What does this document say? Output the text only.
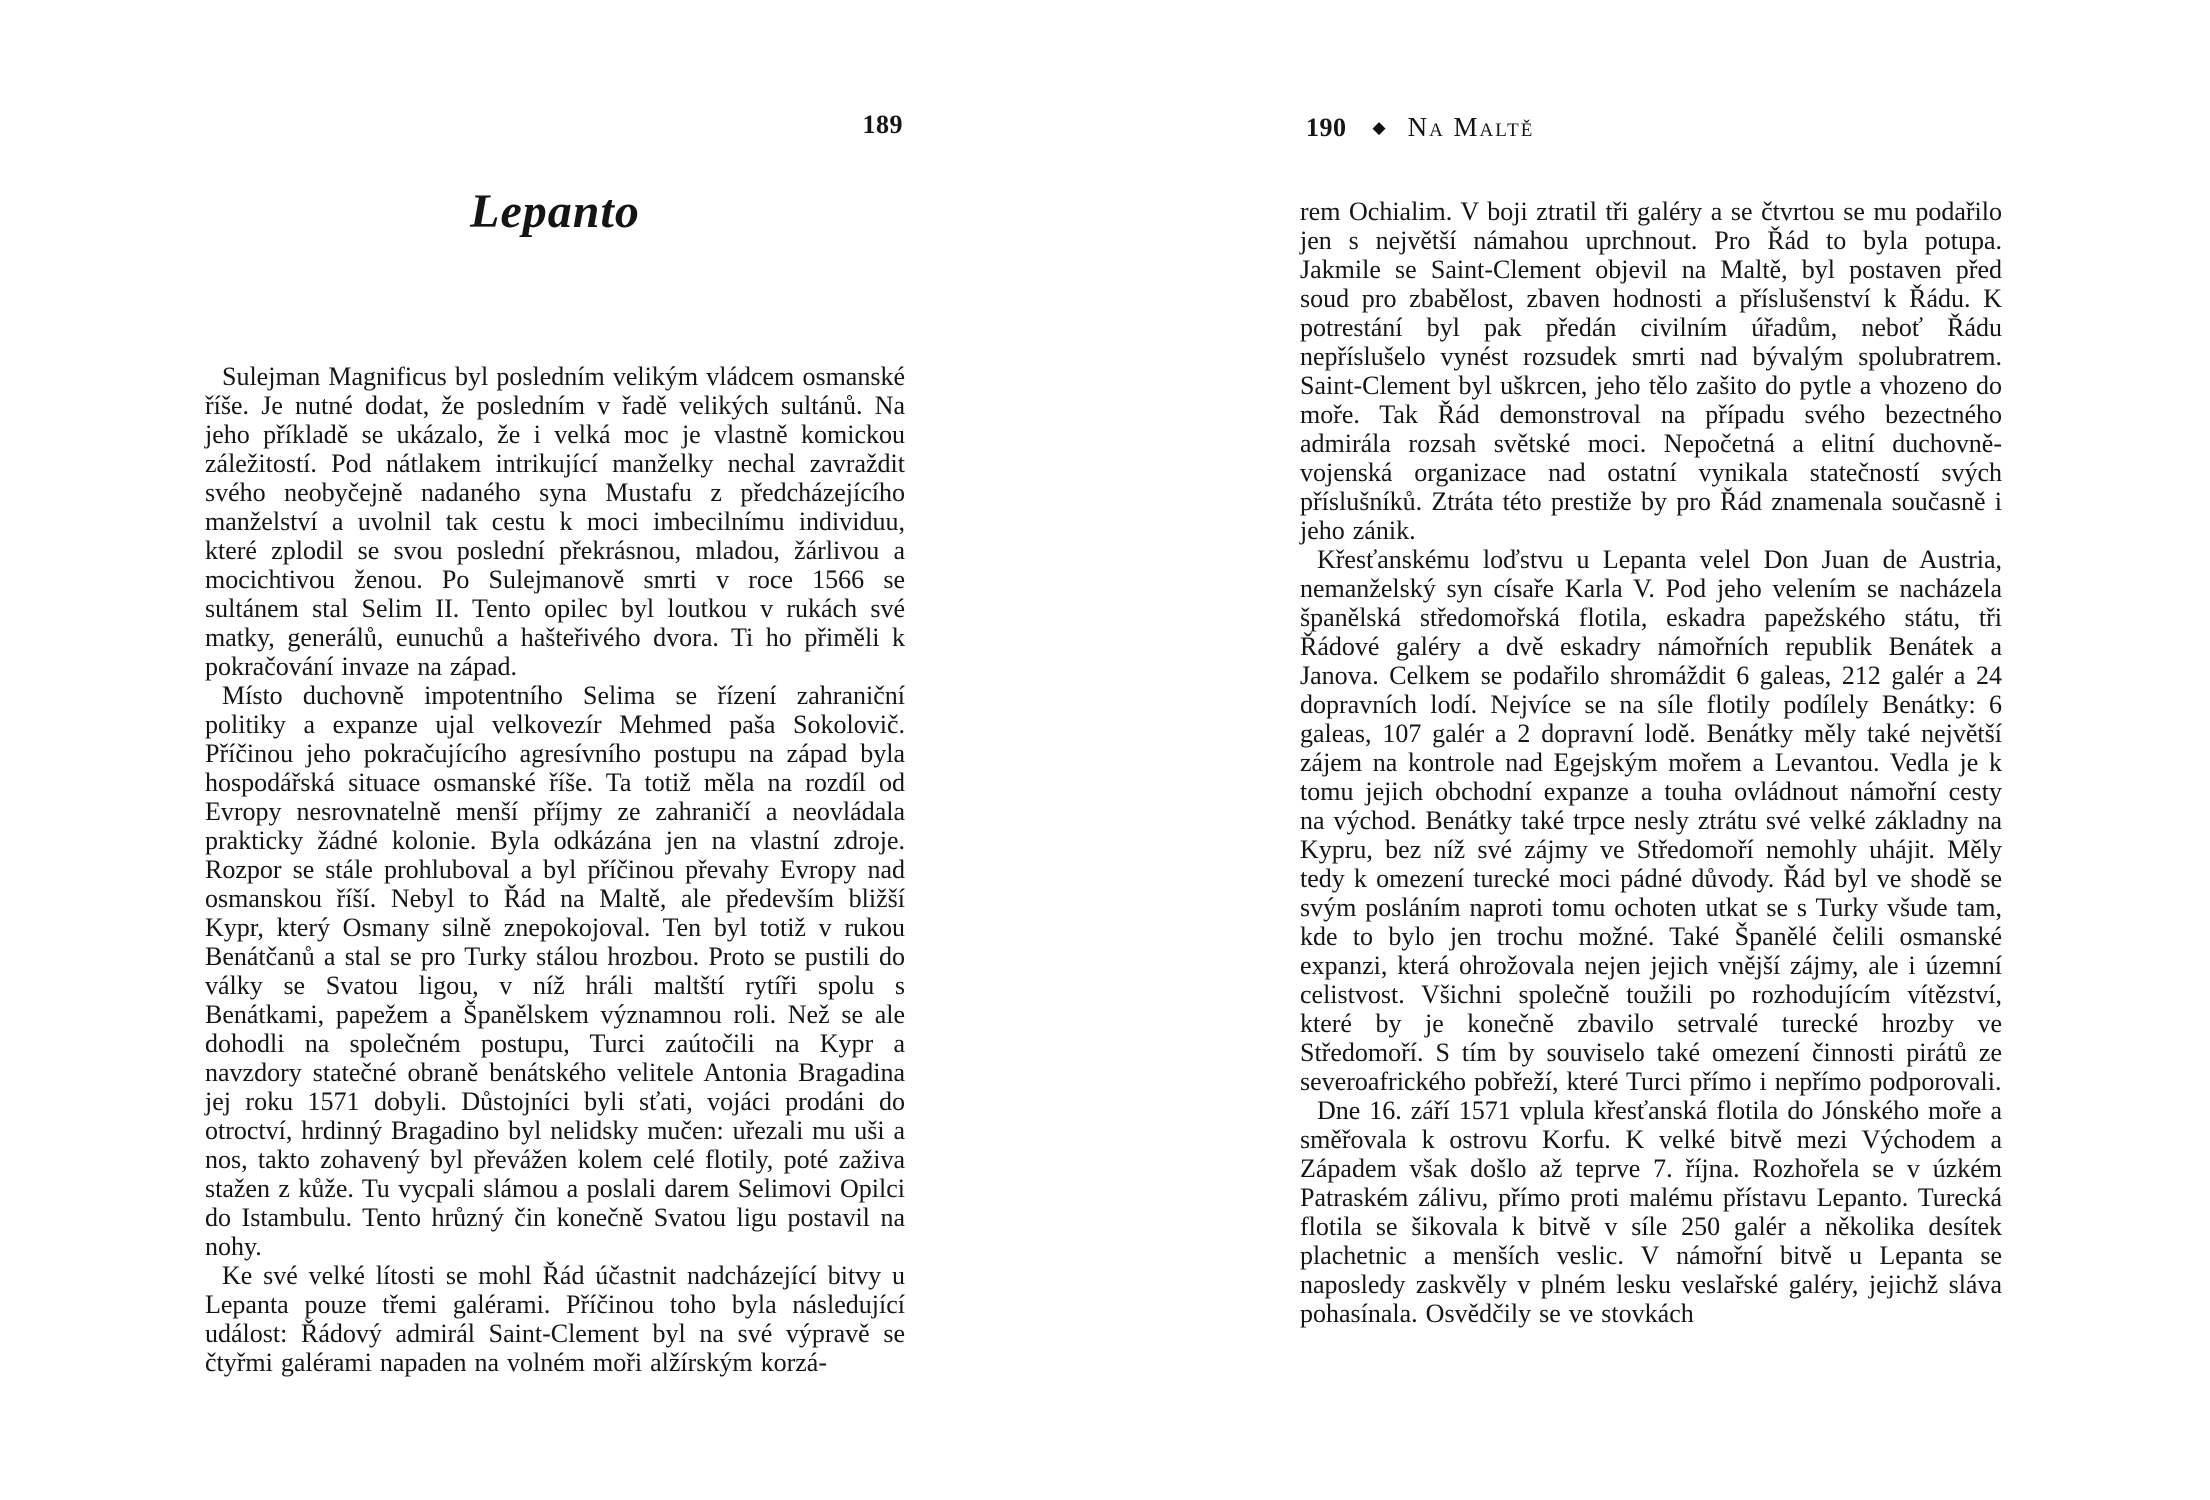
189
Lepanto

Sulejman Magnificus byl posledním velikým vládcem osmanské říše. Je nutné dodat, že posledním v řadě velikých sultánů. Na jeho příkladě se ukázalo, že i velká moc je vlastně komickou záležitostí. Pod nátlakem intrikující manželky nechal zavraždit svého neobyčejně nadaného syna Mustafu z předcházejícího manželství a uvolnil tak cestu k moci imbecilnímu individuu, které zplodil se svou poslední překrásnou, mladou, žárlivou a mocichtivou ženou. Po Sulejmanově smrti v roce 1566 se sultánem stal Selim II. Tento opilec byl loutkou v rukách své matky, generálů, eunuchů a hašteřivého dvora. Ti ho přiměli k pokračování invaze na západ.

Místo duchovně impotentního Selima se řízení zahraniční politiky a expanze ujal velkovezír Mehmed paša Sokolovič. Příčinou jeho pokračujícího agresívního postupu na západ byla hospodářská situace osmanské říše. Ta totiž měla na rozdíl od Evropy nesrovnatelně menší příjmy ze zahraničí a neovládala prakticky žádné kolonie. Byla odkázána jen na vlastní zdroje. Rozpor se stále prohluboval a byl příčinou převahy Evropy nad osmanskou říší. Nebyl to Řád na Maltě, ale především bližší Kypr, který Osmany silně znepokojoval. Ten byl totiž v rukou Benátčanů a stal se pro Turky stálou hrozbou. Proto se pustili do války se Svatou ligou, v níž hráli maltští rytíři spolu s Benátkami, papežem a Španělskem významnou roli. Než se ale dohodli na společném postupu, Turci zaútočili na Kypr a navzdory statečné obraně benátského velitele Antonia Bragadina jej roku 1571 dobyli. Důstojníci byli sťati, vojáci prodáni do otroctví, hrdinný Bragadino byl nelidsky mučen: uřezali mu uši a nos, takto zohavený byl převážen kolem celé flotily, poté zaživa stažen z kůže. Tu vycpali slámou a poslali darem Selimovi Opilci do Istambulu. Tento hrůzný čin konečně Svatou ligu postavil na nohy.

Ke své velké lítosti se mohl Řád účastnit nadcházející bitvy u Lepanta pouze třemi galérami. Příčinou toho byla následující událost: Řádový admirál Saint-Clement byl na své výpravě se čtyřmi galérami napaden na volném moři alžírským korzá-

190 ◆ Na Maltě

rem Ochialim. V boji ztratil tři galéry a se čtvrtou se mu podařilo jen s největší námahou uprchnout. Pro Řád to byla potupa. Jakmile se Saint-Clement objevil na Maltě, byl postaven před soud pro zbabělost, zbaven hodnosti a příslušenství k Řádu. K potrestání byl pak předán civilním úřadům, neboť Řádu nepříslušelo vynést rozsudek smrti nad bývalým spolubratrem. Saint-Clement byl uškrcen, jeho tělo zašito do pytle a vhozeno do moře. Tak Řád demonstroval na případu svého bezectného admirála rozsah světské moci. Nepočetná a elitní duchovně-vojenská organizace nad ostatní vynikala statečností svých příslušníků. Ztráta této prestiže by pro Řád znamenala současně i jeho zánik.

Křesťanskému loďstvu u Lepanta velel Don Juan de Austria, nemanželský syn císaře Karla V. Pod jeho velením se nacházela španělská středomořská flotila, eskadra papežského státu, tři Řádové galéry a dvě eskadry námořních republik Benátek a Janova. Celkem se podařilo shromáždit 6 galeas, 212 galér a 24 dopravních lodí. Nejvíce se na síle flotily podílely Benátky: 6 galeas, 107 galér a 2 dopravní lodě. Benátky měly také největší zájem na kontrole nad Egejským mořem a Levantou. Vedla je k tomu jejich obchodní expanze a touha ovládnout námořní cesty na východ. Benátky také trpce nesly ztrátu své velké základny na Kypru, bez níž své zájmy ve Středomoří nemohly uhájit. Měly tedy k omezení turecké moci pádné důvody. Řád byl ve shodě se svým posláním naproti tomu ochoten utkat se s Turky všude tam, kde to bylo jen trochu možné. Také Španělé čelili osmanské expanzi, která ohrožovala nejen jejich vnější zájmy, ale i územní celistvost. Všichni společně toužili po rozhodujícím vítězství, které by je konečně zbavilo setrvalé turecké hrozby ve Středomoří. S tím by souviselo také omezení činnosti pirátů ze severoafrického pobřeží, které Turci přímo i nepřímo podporovali.

Dne 16. září 1571 vplula křesťanská flotila do Jónského moře a směřovala k ostrovu Korfu. K velké bitvě mezi Východem a Západem však došlo až teprve 7. října. Rozhořela se v úzkém Patraském zálivu, přímo proti malému přístavu Lepanto. Turecká flotila se šikovala k bitvě v síle 250 galér a několika desítek plachetnic a menších veslic. V námořní bitvě u Lepanta se naposledy zaskvěly v plném lesku veslařské galéry, jejichž sláva pohasínala. Osvědčily se ve stovkách
